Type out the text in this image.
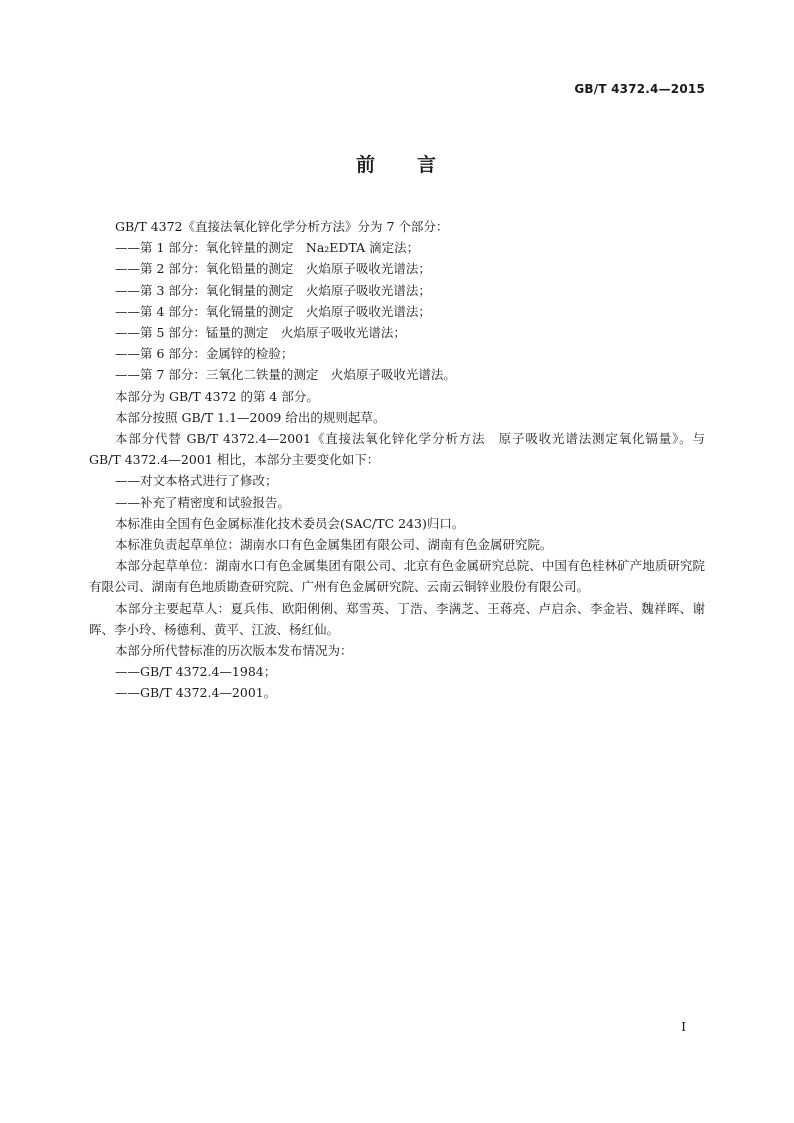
GB/T 4372.4—2015
前 言

GB/T 4372《直接法氧化锌化学分析方法》分为 7 个部分：

——第 1 部分：氧化锌量的测定　Na₂EDTA 滴定法；

——第 2 部分：氧化铅量的测定　火焰原子吸收光谱法；

——第 3 部分：氧化铜量的测定　火焰原子吸收光谱法；

——第 4 部分：氧化镉量的测定　火焰原子吸收光谱法；

——第 5 部分：锰量的测定　火焰原子吸收光谱法；

——第 6 部分：金属锌的检验；

——第 7 部分：三氧化二铁量的测定　火焰原子吸收光谱法。

本部分为 GB/T 4372 的第 4 部分。

本部分按照 GB/T 1.1—2009 给出的规则起草。

本部分代替 GB/T 4372.4—2001《直接法氧化锌化学分析方法　原子吸收光谱法测定氧化镉量》。与 GB/T 4372.4—2001 相比，本部分主要变化如下：

——对文本格式进行了修改；

——补充了精密度和试验报告。

本标准由全国有色金属标准化技术委员会(SAC/TC 243)归口。

本标准负责起草单位：湖南水口有色金属集团有限公司、湖南有色金属研究院。

本部分起草单位：湖南水口有色金属集团有限公司、北京有色金属研究总院、中国有色桂林矿产地质研究院有限公司、湖南有色地质勘查研究院、广州有色金属研究院、云南云铜锌业股份有限公司。

本部分主要起草人：夏兵伟、欧阳俐俐、郑雪英、丁浩、李满芝、王蒋亮、卢启余、李金岩、魏祥晖、谢晖、李小玲、杨德利、黄平、江波、杨红仙。

本部分所代替标准的历次版本发布情况为：

——GB/T 4372.4—1984；

——GB/T 4372.4—2001。

I
